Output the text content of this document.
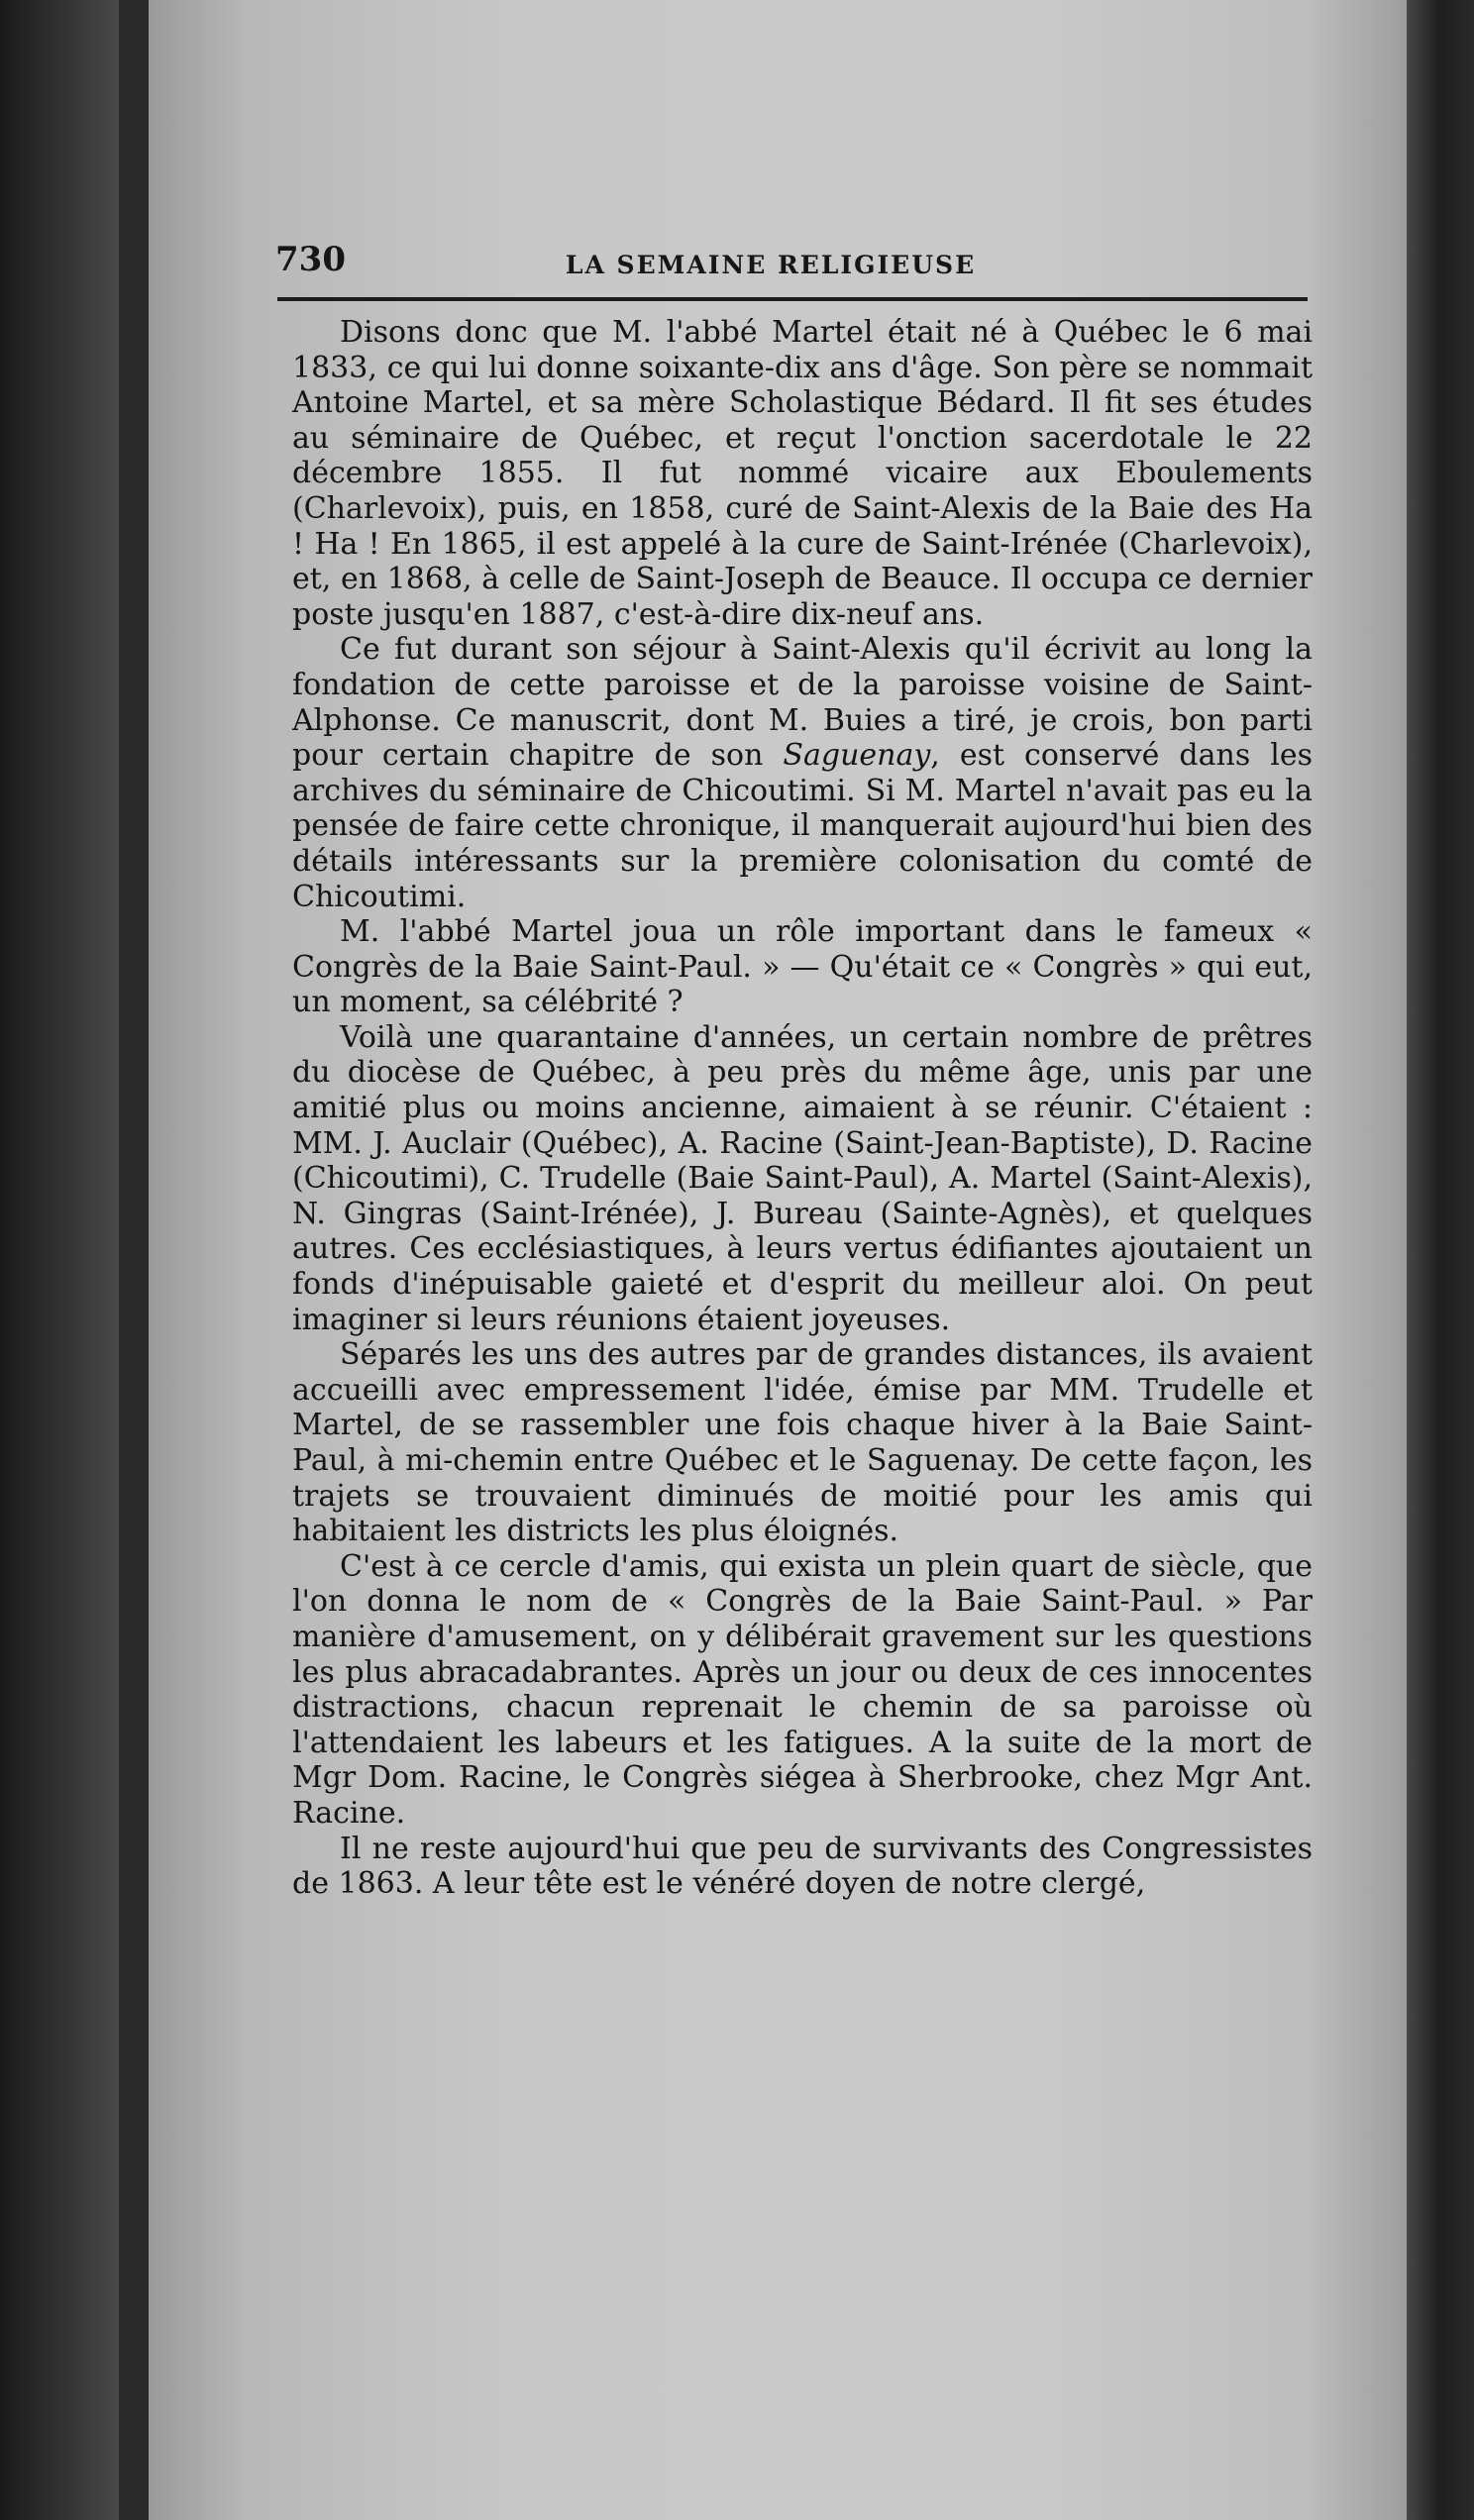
730	LA SEMAINE RELIGIEUSE

Disons donc que M. l'abbé Martel était né à Québec le 6 mai 1833, ce qui lui donne soixante-dix ans d'âge. Son père se nommait Antoine Martel, et sa mère Scholastique Bédard. Il fit ses études au séminaire de Québec, et reçut l'onction sacerdotale le 22 décembre 1855. Il fut nommé vicaire aux Eboulements (Charlevoix), puis, en 1858, curé de Saint-Alexis de la Baie des Ha ! Ha ! En 1865, il est appelé à la cure de Saint-Irénée (Charlevoix), et, en 1868, à celle de Saint-Joseph de Beauce. Il occupa ce dernier poste jusqu'en 1887, c'est-à-dire dix-neuf ans.

Ce fut durant son séjour à Saint-Alexis qu'il écrivit au long la fondation de cette paroisse et de la paroisse voisine de Saint-Alphonse. Ce manuscrit, dont M. Buies a tiré, je crois, bon parti pour certain chapitre de son Saguenay, est conservé dans les archives du séminaire de Chicoutimi. Si M. Martel n'avait pas eu la pensée de faire cette chronique, il manquerait aujourd'hui bien des détails intéressants sur la première colonisation du comté de Chicoutimi.

M. l'abbé Martel joua un rôle important dans le fameux « Congrès de la Baie Saint-Paul. » — Qu'était ce « Congrès » qui eut, un moment, sa célébrité ?

Voilà une quarantaine d'années, un certain nombre de prêtres du diocèse de Québec, à peu près du même âge, unis par une amitié plus ou moins ancienne, aimaient à se réunir. C'étaient : MM. J. Auclair (Québec), A. Racine (Saint-Jean-Baptiste), D. Racine (Chicoutimi), C. Trudelle (Baie Saint-Paul), A. Martel (Saint-Alexis), N. Gingras (Saint-Irénée), J. Bureau (Sainte-Agnès), et quelques autres. Ces ecclésiastiques, à leurs vertus édifiantes ajoutaient un fonds d'inépuisable gaieté et d'esprit du meilleur aloi. On peut imaginer si leurs réunions étaient joyeuses.

Séparés les uns des autres par de grandes distances, ils avaient accueilli avec empressement l'idée, émise par MM. Trudelle et Martel, de se rassembler une fois chaque hiver à la Baie Saint-Paul, à mi-chemin entre Québec et le Saguenay. De cette façon, les trajets se trouvaient diminués de moitié pour les amis qui habitaient les districts les plus éloignés.

C'est à ce cercle d'amis, qui exista un plein quart de siècle, que l'on donna le nom de « Congrès de la Baie Saint-Paul. » Par manière d'amusement, on y délibérait gravement sur les questions les plus abracadabrantes. Après un jour ou deux de ces innocentes distractions, chacun reprenait le chemin de sa paroisse où l'attendaient les labeurs et les fatigues. A la suite de la mort de Mgr Dom. Racine, le Congrès siégea à Sherbrooke, chez Mgr Ant. Racine.

Il ne reste aujourd'hui que peu de survivants des Congressistes de 1863. A leur tête est le vénéré doyen de notre clergé,
